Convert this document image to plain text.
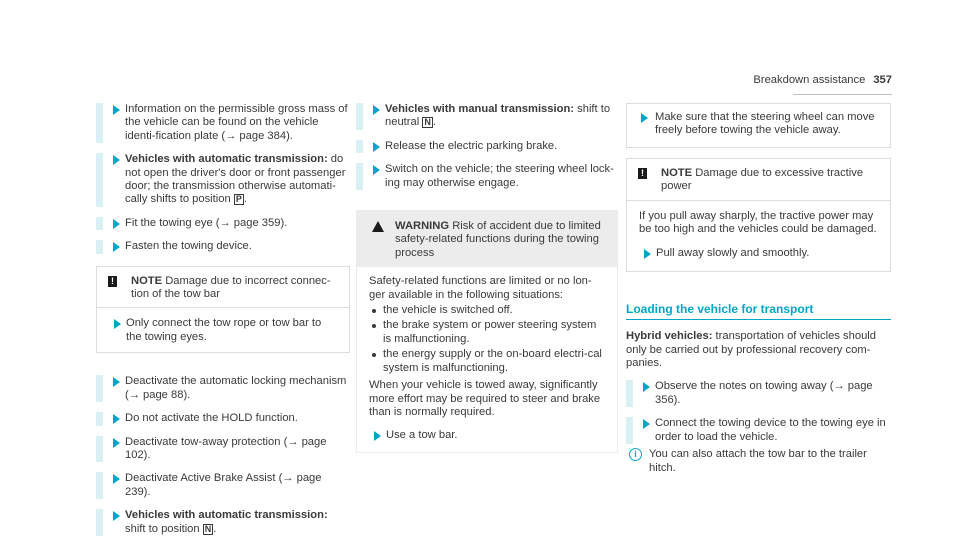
Breakdown assistance 357
Information on the permissible gross mass of the vehicle can be found on the vehicle identi-fication plate (→ page 384).
Vehicles with automatic transmission: do not open the driver's door or front passenger door; the transmission otherwise automati-cally shifts to position P .
Fit the towing eye (→ page 359).
Fasten the towing device.
!	NOTE Damage due to incorrect connec-tion of the tow bar
Only connect the tow rope or tow bar to the towing eyes.
Deactivate the automatic locking mechanism (→ page 88).
Do not activate the HOLD function.
Deactivate tow-away protection (→ page 102).
Deactivate Active Brake Assist (→ page 239).
Vehicles with automatic transmission: shift to position N .
Vehicles with manual transmission: shift to neutral N .
Release the electric parking brake.
Switch on the vehicle; the steering wheel lock-ing may otherwise engage.
WARNING Risk of accident due to limited safety-related functions during the towing process
Safety-related functions are limited or no lon-ger available in the following situations:
the vehicle is switched off.
the brake system or power steering system is malfunctioning.
the energy supply or the on-board electri-cal system is malfunctioning.
When your vehicle is towed away, significantly more effort may be required to steer and brake than is normally required.
Use a tow bar.
Make sure that the steering wheel can move freely before towing the vehicle away.
!	NOTE Damage due to excessive tractive power
If you pull away sharply, the tractive power may be too high and the vehicles could be damaged.
Pull away slowly and smoothly.
Loading the vehicle for transport
Hybrid vehicles: transportation of vehicles should only be carried out by professional recovery com-panies.
Observe the notes on towing away (→ page 356).
Connect the towing device to the towing eye in order to load the vehicle.
i	You can also attach the tow bar to the trailer hitch.
